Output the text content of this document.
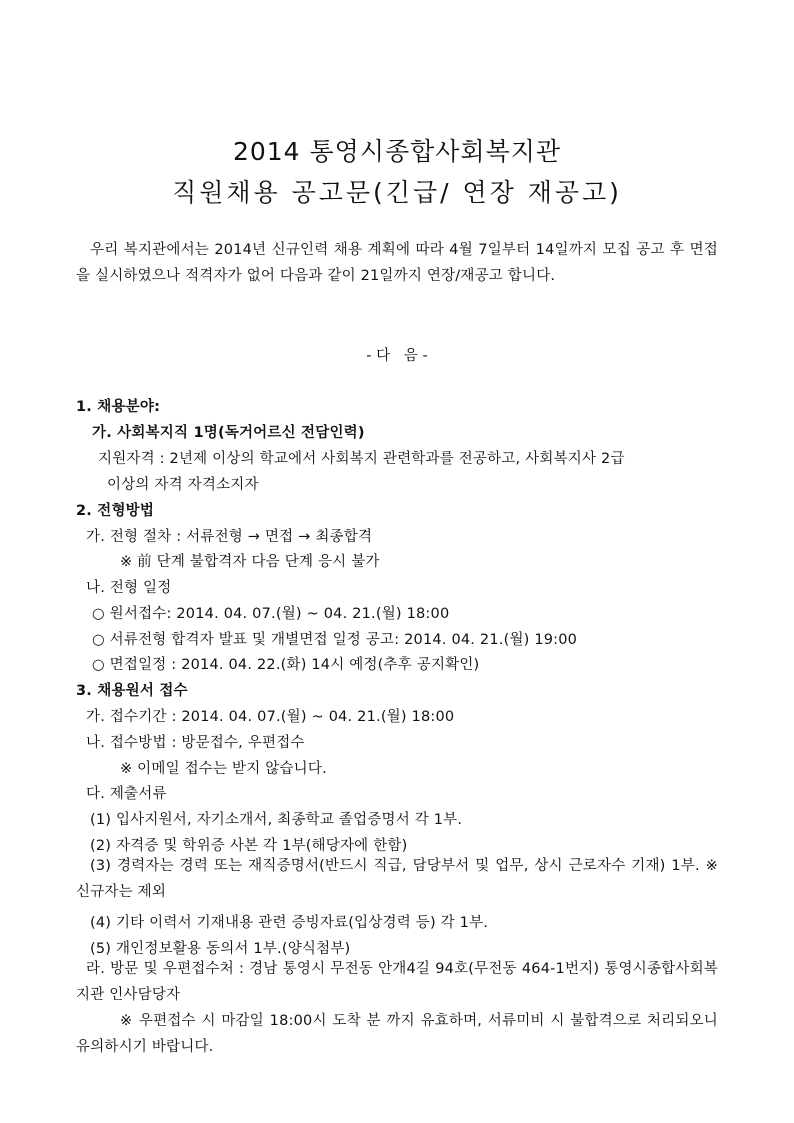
2014 통영시종합사회복지관
직원채용 공고문(긴급/ 연장 재공고)
우리 복지관에서는 2014년 신규인력 채용 계획에 따라 4월 7일부터 14일까지 모집 공고 후 면접을 실시하였으나 적격자가 없어 다음과 같이 21일까지 연장/재공고 합니다.
- 다   음 -
1. 채용분야:
가. 사회복지직 1명(독거어르신 전담인력)
지원자격 : 2년제 이상의 학교에서 사회복지 관련학과를 전공하고, 사회복지사 2급
이상의 자격 자격소지자
2. 전형방법
가. 전형 절차 : 서류전형 → 면접 → 최종합격
※ 前 단계 불합격자 다음 단계 응시 불가
나. 전형 일정
○ 원서접수: 2014. 04. 07.(월) ~ 04. 21.(월) 18:00
○ 서류전형 합격자 발표 및 개별면접 일정 공고: 2014. 04. 21.(월) 19:00
○ 면접일정 : 2014. 04. 22.(화) 14시 예정(추후 공지확인)
3. 채용원서 접수
가. 접수기간 : 2014. 04. 07.(월) ~ 04. 21.(월) 18:00
나. 접수방법 : 방문접수, 우편접수
※ 이메일 접수는 받지 않습니다.
다. 제출서류
(1) 입사지원서, 자기소개서, 최종학교 졸업증명서 각 1부.
(2) 자격증 및 학위증 사본 각 1부(해당자에 한함)
(3) 경력자는 경력 또는 재직증명서(반드시 직급, 담당부서 및 업무, 상시 근로자수 기재) 1부. ※ 신규자는 제외
(4) 기타 이력서 기재내용 관련 증빙자료(입상경력 등) 각 1부.
(5) 개인정보활용 동의서 1부.(양식첨부)
라. 방문 및 우편접수처 : 경남 통영시 무전동 안개4길 94호(무전동 464-1번지) 통영시종합사회복지관 인사담당자
※ 우편접수 시 마감일 18:00시 도착 분 까지 유효하며, 서류미비 시 불합격으로 처리되오니 유의하시기 바랍니다.
